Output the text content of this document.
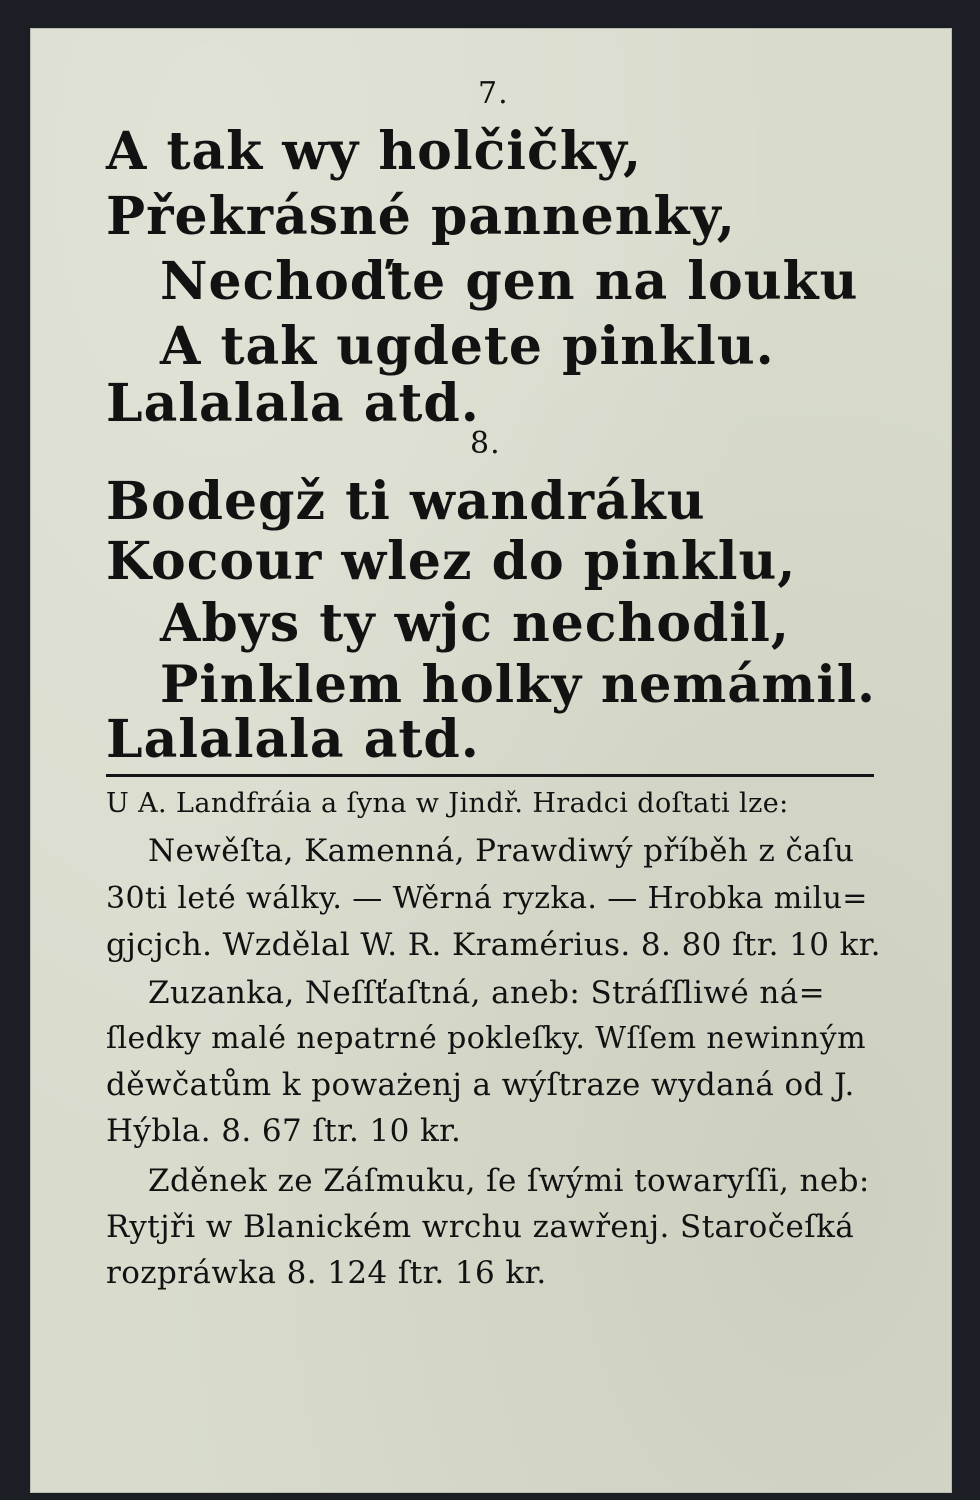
7.
A tak wy holčičky,
Překrásné pannenky,
Nechoďte gen na louku
A tak ugdete pinklu.
Lalalala atd.
8.
Bodegž ti wandráku
Kocour wlez do pinklu,
Abys ty wjc nechodil,
Pinklem holky nemámil.
Lalalala atd.
U A. Landfráia a ſyna w Jindř. Hradci doſtati lze:
Newěſta, Kamenná, Prawdiwý příběh z čaſu
30ti leté wálky. — Wěrná ryzka. — Hrobka milu=
gjcjch. Wzdělal W. R. Kramérius. 8. 80 ſtr. 10 kr.
Zuzanka, Neſſťaſtná, aneb: Stráſſliwé ná=
ſledky malé nepatrné pokleſky. Wſſem newinným
děwčatům k poważenj a wýſtraze wydaná od J.
Hýbla. 8. 67 ſtr. 10 kr.
Zděnek ze Záſmuku, ſe ſwými towaryſſi, neb:
Rytjři w Blanickém wrchu zawřenj. Staročeſká
rozpráwka 8. 124 ſtr. 16 kr.
